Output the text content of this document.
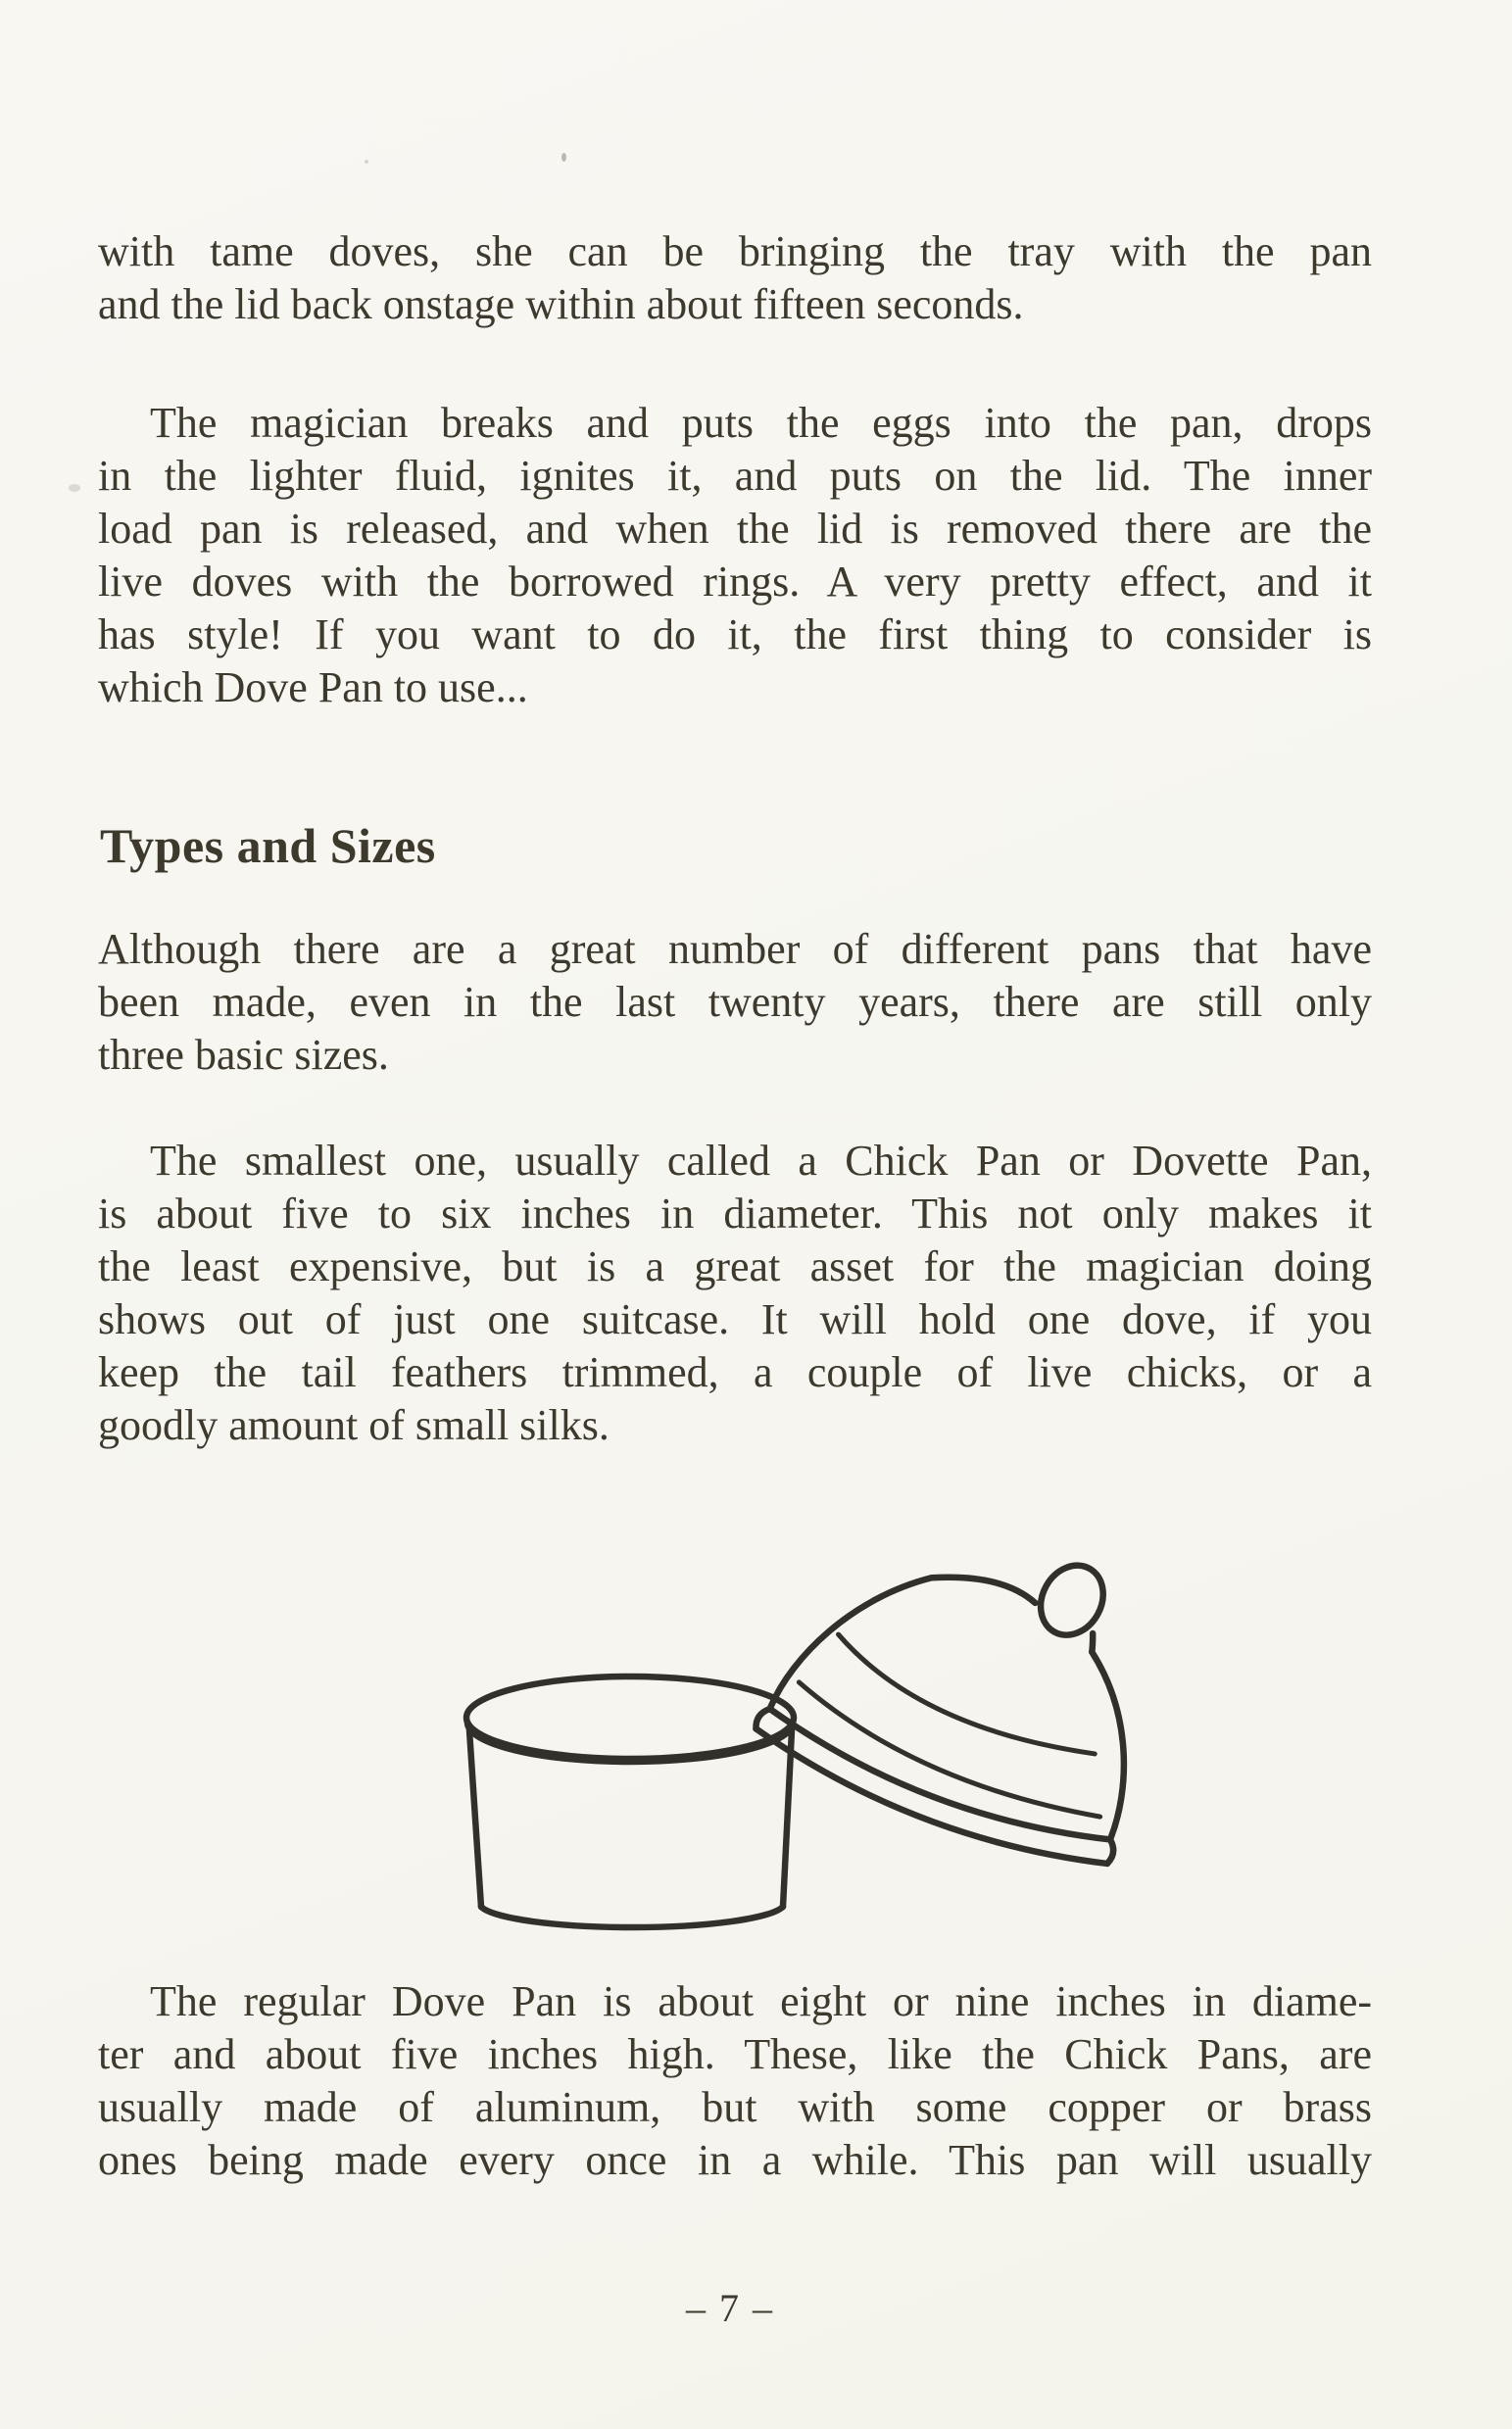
with tame doves, she can be bringing the tray with the pan
and the lid back onstage within about fifteen seconds.
The magician breaks and puts the eggs into the pan, drops
in the lighter fluid, ignites it, and puts on the lid. The inner
load pan is released, and when the lid is removed there are the
live doves with the borrowed rings. A very pretty effect, and it
has style! If you want to do it, the first thing to consider is
which Dove Pan to use...
Types and Sizes
Although there are a great number of different pans that have
been made, even in the last twenty years, there are still only
three basic sizes.
The smallest one, usually called a Chick Pan or Dovette Pan,
is about five to six inches in diameter. This not only makes it
the least expensive, but is a great asset for the magician doing
shows out of just one suitcase. It will hold one dove, if you
keep the tail feathers trimmed, a couple of live chicks, or a
goodly amount of small silks.
The regular Dove Pan is about eight or nine inches in diame-
ter and about five inches high. These, like the Chick Pans, are
usually made of aluminum, but with some copper or brass
ones being made every once in a while. This pan will usually
– 7 –
